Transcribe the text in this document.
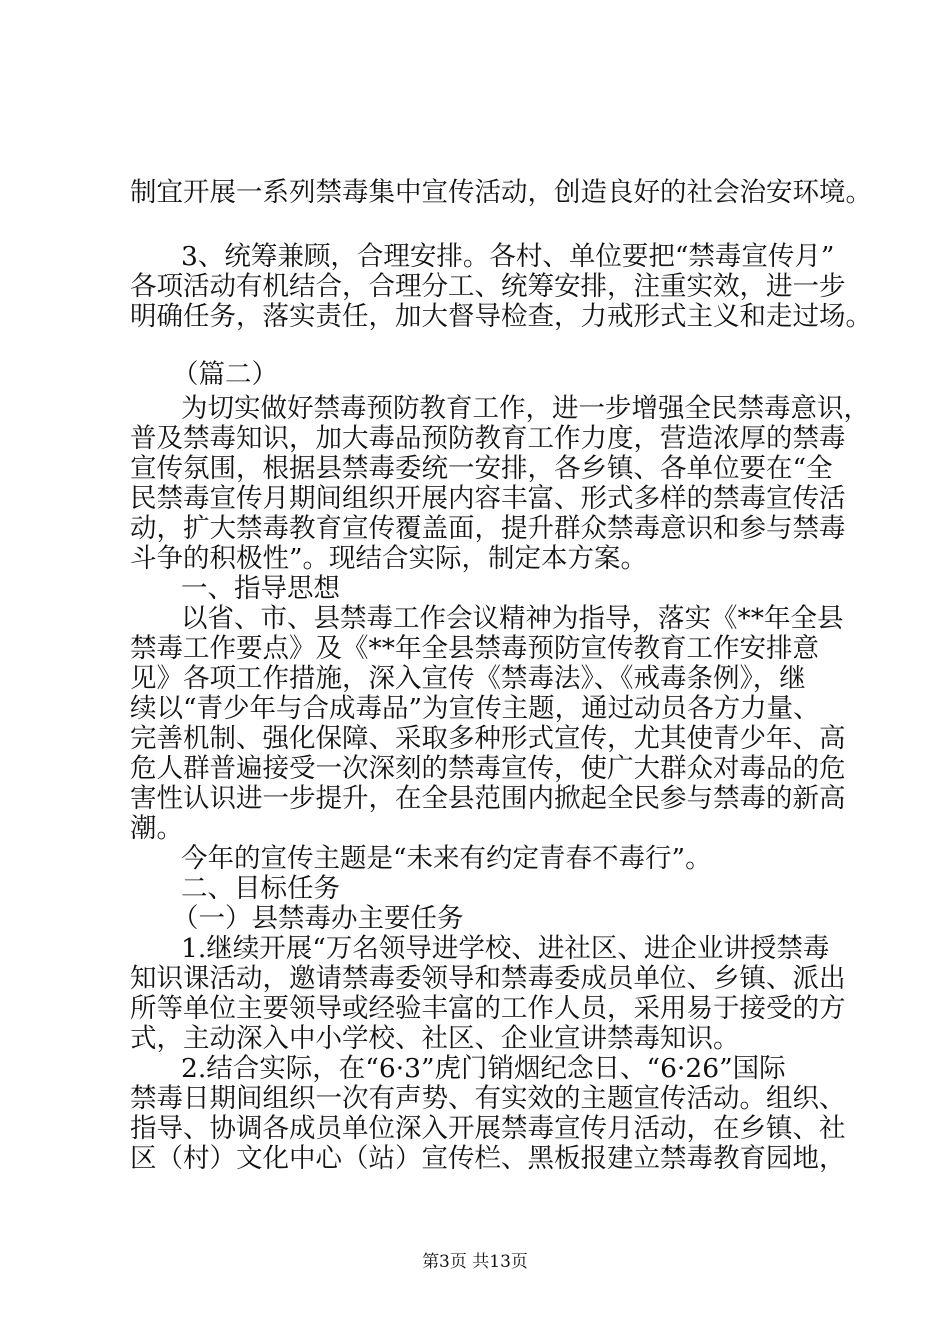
制宜开展一系列禁毒集中宣传活动，创造良好的社会治安环境。
3、统筹兼顾，合理安排。各村、单位要把“禁毒宣传月”
各项活动有机结合，合理分工、统筹安排，注重实效，进一步
明确任务，落实责任，加大督导检查，力戒形式主义和走过场。
（篇二）
为切实做好禁毒预防教育工作，进一步增强全民禁毒意识，
普及禁毒知识，加大毒品预防教育工作力度，营造浓厚的禁毒
宣传氛围，根据县禁毒委统一安排，各乡镇、各单位要在“全
民禁毒宣传月期间组织开展内容丰富、形式多样的禁毒宣传活
动，扩大禁毒教育宣传覆盖面，提升群众禁毒意识和参与禁毒
斗争的积极性”。现结合实际，制定本方案。
一、指导思想
以省、市、县禁毒工作会议精神为指导，落实《**年全县
禁毒工作要点》及《**年全县禁毒预防宣传教育工作安排意
见》各项工作措施，深入宣传《禁毒法》、《戒毒条例》，继
续以“青少年与合成毒品”为宣传主题，通过动员各方力量、
完善机制、强化保障、采取多种形式宣传，尤其使青少年、高
危人群普遍接受一次深刻的禁毒宣传，使广大群众对毒品的危
害性认识进一步提升，在全县范围内掀起全民参与禁毒的新高
潮。
今年的宣传主题是“未来有约定青春不毒行”。
二、目标任务
（一）县禁毒办主要任务
1.继续开展“万名领导进学校、进社区、进企业讲授禁毒
知识课活动，邀请禁毒委领导和禁毒委成员单位、乡镇、派出
所等单位主要领导或经验丰富的工作人员，采用易于接受的方
式，主动深入中小学校、社区、企业宣讲禁毒知识。
2.结合实际，在“6·3”虎门销烟纪念日、“6·26”国际
禁毒日期间组织一次有声势、有实效的主题宣传活动。组织、
指导、协调各成员单位深入开展禁毒宣传月活动，在乡镇、社
区（村）文化中心（站）宣传栏、黑板报建立禁毒教育园地，
第3页 共13页
